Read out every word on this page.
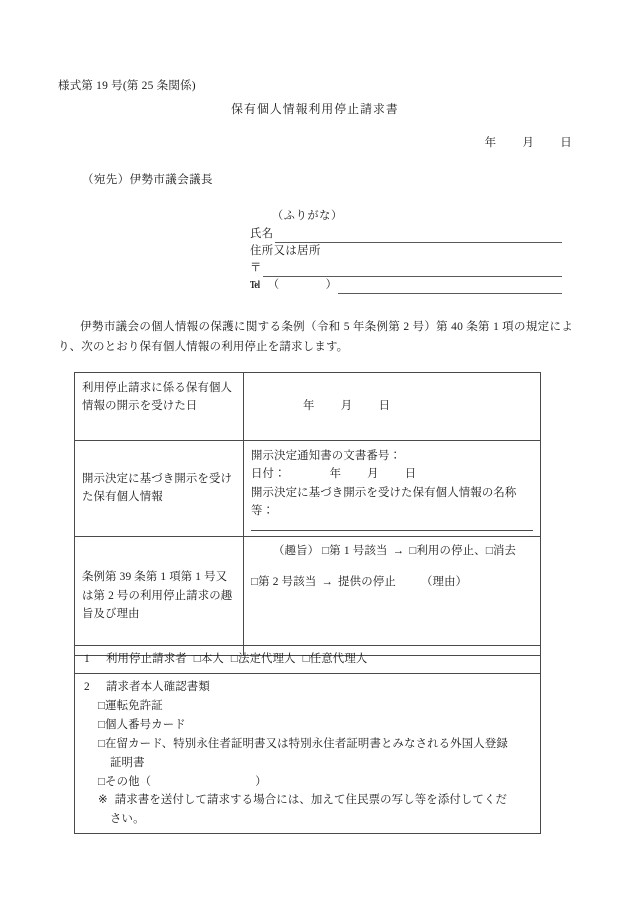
様式第 19 号(第 25 条関係)
保有個人情報利用停止請求書
年 月 日
（宛先）伊勢市議会議長
（ふりがな）
氏名
住所又は居所
〒
Tel （	）
伊勢市議会の個人情報の保護に関する条例（令和 5 年条例第 2 号）第 40 条第 1 項の規定により、次のとおり保有個人情報の利用停止を請求します。
利用停止請求に係る保有個人情報の開示を受けた日	年 月 日
開示決定に基づき開示を受けた保有個人情報	開示決定通知書の文書番号：
日付： 年 月 日
開示決定に基づき開示を受けた保有個人情報の名称等：

条例第 39 条第 1 項第 1 号又は第 2 号の利用停止請求の趣旨及び理由	（趣旨） □第 1 号該当 → □利用の停止、□消去
□第 2 号該当 → 提供の停止 （理由）
1 利用停止請求者 □本人 □法定代理人 □任意代理人
2 請求者本人確認書類
□運転免許証
□個人番号カード
□在留カード、特別永住者証明書又は特別永住者証明書とみなされる外国人登録
証明書
□その他（	）
※ 請求書を送付して請求する場合には、加えて住民票の写し等を添付してくだ
さい。
